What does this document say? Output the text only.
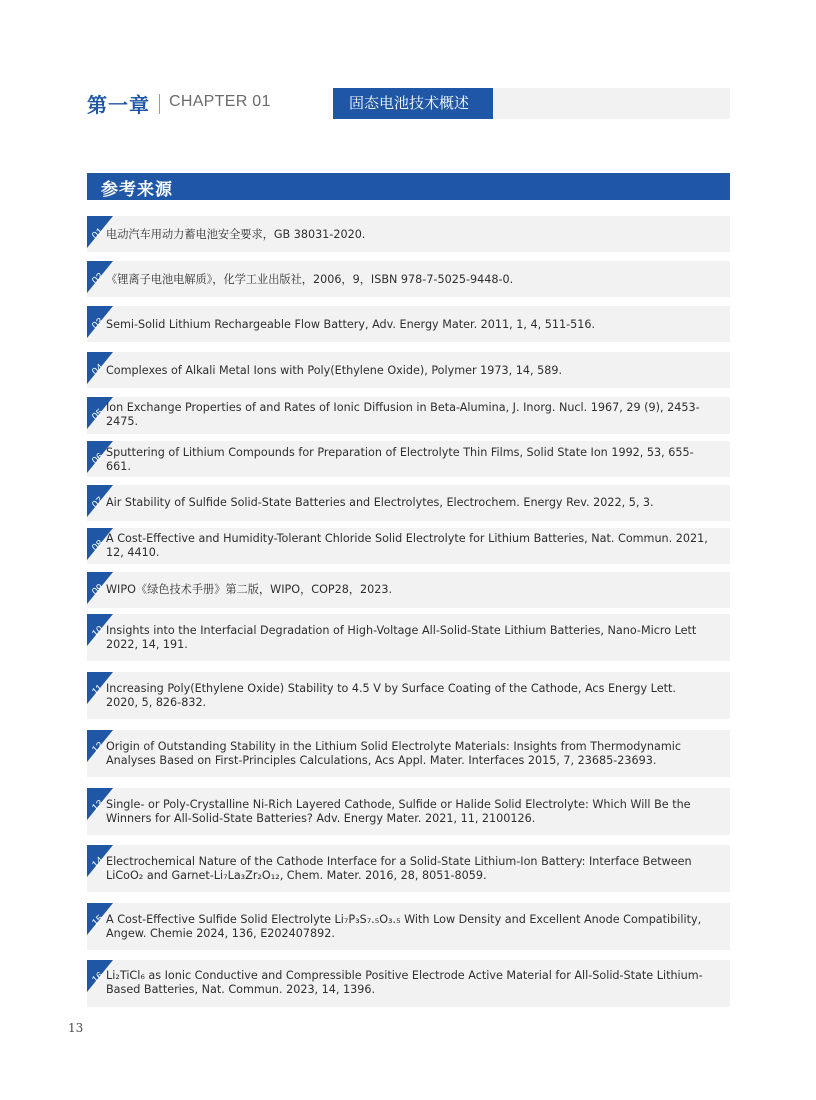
第一章 CHAPTER 01	固态电池技术概述
参考来源
01 电动汽车用动力蓄电池安全要求，GB 38031-2020.
02 《锂离子电池电解质》，化学工业出版社，2006，9，ISBN 978-7-5025-9448-0.
03 Semi-Solid Lithium Rechargeable Flow Battery, Adv. Energy Mater. 2011, 1, 4, 511-516.
04 Complexes of Alkali Metal Ions with Poly(Ethylene Oxide), Polymer 1973, 14, 589.
05 Ion Exchange Properties of and Rates of Ionic Diffusion in Beta-Alumina, J. Inorg. Nucl. 1967, 29 (9), 2453-2475.
06 Sputtering of Lithium Compounds for Preparation of Electrolyte Thin Films, Solid State Ion 1992, 53, 655-661.
07 Air Stability of Sulfide Solid-State Batteries and Electrolytes, Electrochem. Energy Rev. 2022, 5, 3.
08 A Cost-Effective and Humidity-Tolerant Chloride Solid Electrolyte for Lithium Batteries, Nat. Commun. 2021, 12, 4410.
09 WIPO《绿色技术手册》第二版，WIPO，COP28，2023.
10 Insights into the Interfacial Degradation of High-Voltage All-Solid-State Lithium Batteries, Nano-Micro Lett 2022, 14, 191.
11 Increasing Poly(Ethylene Oxide) Stability to 4.5 V by Surface Coating of the Cathode, Acs Energy Lett. 2020, 5, 826-832.
12 Origin of Outstanding Stability in the Lithium Solid Electrolyte Materials: Insights from Thermodynamic Analyses Based on First-Principles Calculations, Acs Appl. Mater. Interfaces 2015, 7, 23685-23693.
13 Single- or Poly-Crystalline Ni-Rich Layered Cathode, Sulfide or Halide Solid Electrolyte: Which Will Be the Winners for All-Solid-State Batteries? Adv. Energy Mater. 2021, 11, 2100126.
14 Electrochemical Nature of the Cathode Interface for a Solid-State Lithium-Ion Battery: Interface Between LiCoO₂ and Garnet-Li₇La₃Zr₂O₁₂, Chem. Mater. 2016, 28, 8051-8059.
15 A Cost-Effective Sulfide Solid Electrolyte Li₇P₃S₇.₅O₃.₅ With Low Density and Excellent Anode Compatibility, Angew. Chemie 2024, 136, E202407892.
16 Li₂TiCl₆ as Ionic Conductive and Compressible Positive Electrode Active Material for All-Solid-State Lithium-Based Batteries, Nat. Commun. 2023, 14, 1396.
13
